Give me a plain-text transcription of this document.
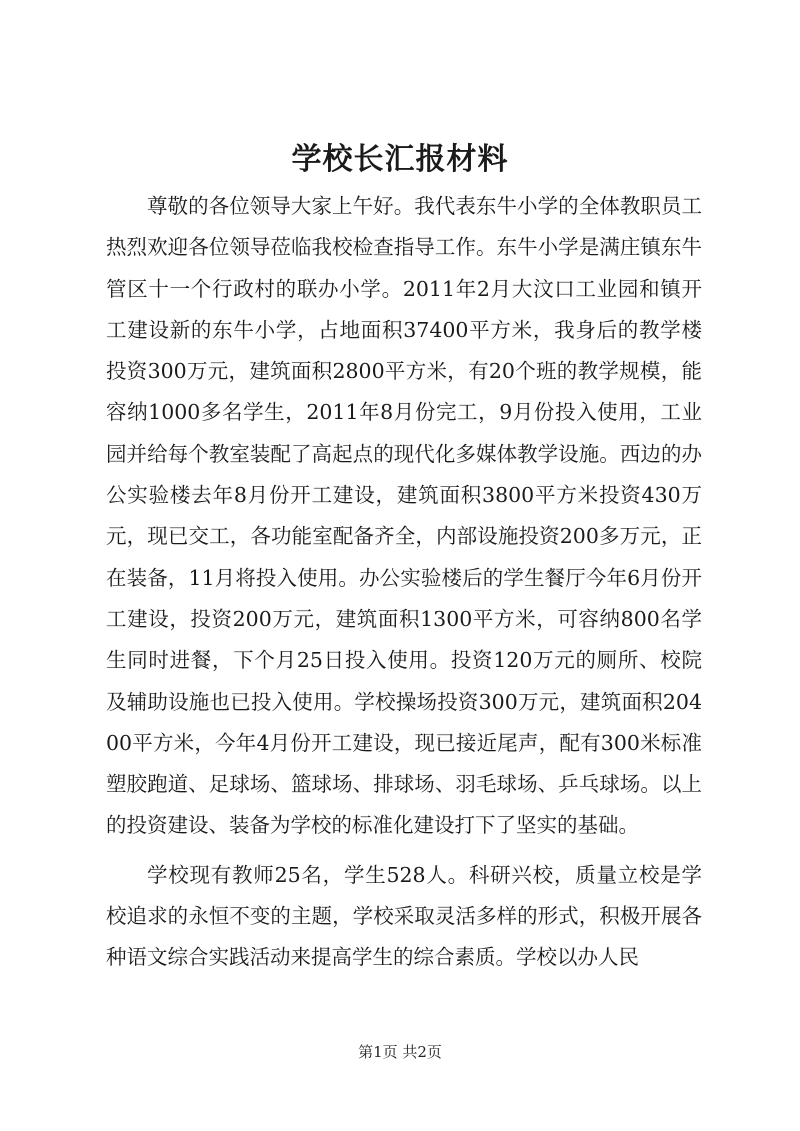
学校长汇报材料

尊敬的各位领导大家上午好。我代表东牛小学的全体教职员工热烈欢迎各位领导莅临我校检查指导工作。东牛小学是满庄镇东牛管区十一个行政村的联办小学。2011年2月大汶口工业园和镇开工建设新的东牛小学，占地面积37400平方米，我身后的教学楼投资300万元，建筑面积2800平方米，有20个班的教学规模，能容纳1000多名学生，2011年8月份完工，9月份投入使用，工业园并给每个教室装配了高起点的现代化多媒体教学设施。西边的办公实验楼去年8月份开工建设，建筑面积3800平方米投资430万元，现已交工，各功能室配备齐全，内部设施投资200多万元，正在装备，11月将投入使用。办公实验楼后的学生餐厅今年6月份开工建设，投资200万元，建筑面积1300平方米，可容纳800名学生同时进餐，下个月25日投入使用。投资120万元的厕所、校院及辅助设施也已投入使用。学校操场投资300万元，建筑面积20400平方米，今年4月份开工建设，现已接近尾声，配有300米标准塑胶跑道、足球场、篮球场、排球场、羽毛球场、乒乓球场。以上的投资建设、装备为学校的标准化建设打下了坚实的基础。

学校现有教师25名，学生528人。科研兴校，质量立校是学校追求的永恒不变的主题，学校采取灵活多样的形式，积极开展各种语文综合实践活动来提高学生的综合素质。学校以办人民

第1页 共2页
